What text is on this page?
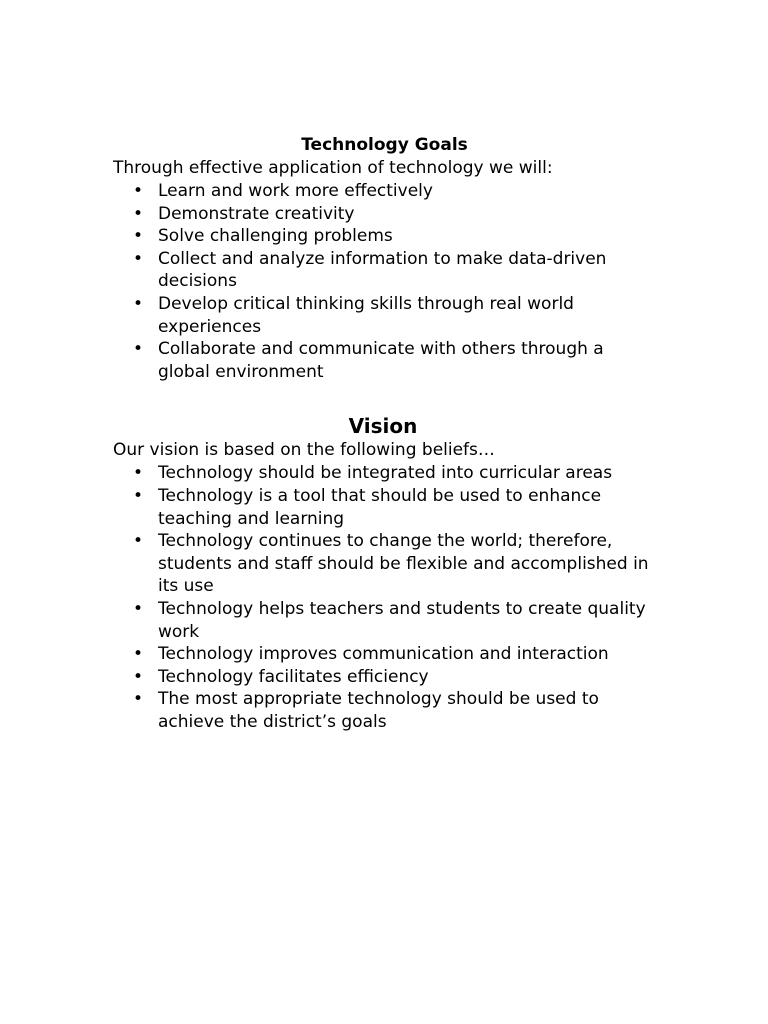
Technology Goals

Through effective application of technology we will:

• Learn and work more effectively
• Demonstrate creativity
• Solve challenging problems
• Collect and analyze information to make data-driven decisions
• Develop critical thinking skills through real world experiences
• Collaborate and communicate with others through a global environment
Vision

Our vision is based on the following beliefs…

• Technology should be integrated into curricular areas
• Technology is a tool that should be used to enhance teaching and learning
• Technology continues to change the world; therefore, students and staff should be flexible and accomplished in its use
• Technology helps teachers and students to create quality work
• Technology improves communication and interaction
• Technology facilitates efficiency
• The most appropriate technology should be used to achieve the district’s goals
